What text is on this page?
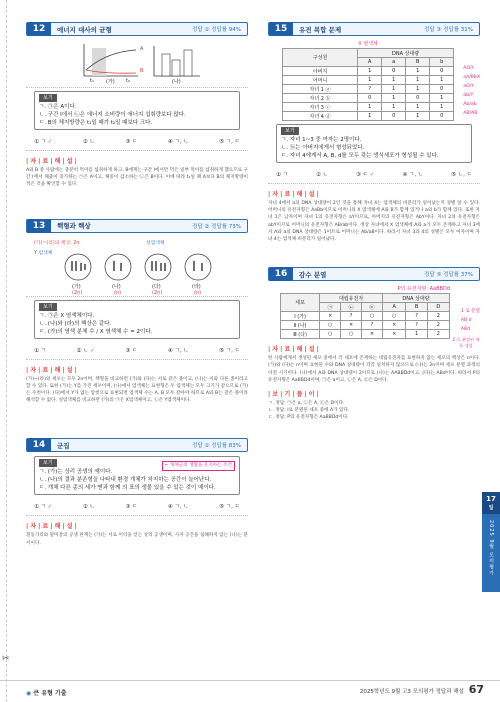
✂
12	에너지 대사의 균형	정답 ① 정답률 94%
(가)	(나)
A
B
t₁	t₂
보기
ㄱ. ㉠은 A이다.
ㄴ. 구간 Ⅰ에서 ㉡은 에너지 소비량이 에너지 섭취량보다 많다.
ㄷ. B의 체지방량은 t₁일 때가 t₂일 때보다 크다.
① ㄱ ✓	② ㄴ	③ ㄷ	④ ㄱ, ㄴ	⑤ ㄱ, ㄷ
| 자 | 료 | 해 | 설 |
A와 B 중 사람에는 충분히 먹이를 섭취하게 하고, B에게는 구간 Ⅰ에서만 먹은 일부 먹이를 섭취하게 했으므로 구간 Ⅰ에서 체중이 증가하는 ㉠은 A이고, 체중이 감소하는 ㉡은 B이다. 이에 따라 t₁일 때 A보다 B의 체지방량이 적은 것을 확인할 수 있다.
13	핵형과 핵상	정답 ② 정답률 73%
(가)~(라)의 핵상: 2n
Y 염색체
성염색체
(가)	(나)	(다)	(라)
(2n)	(n)	(2n)	(n)
보기
ㄱ. ㉠은 X 염색체이다.
ㄴ. (나)와 (라)의 핵상은 같다.
ㄷ. (가)의 염색 분체 수 / X 염색체 수 = 2이다.
① ㄱ	② ㄴ ✓	③ ㄷ	④ ㄱ, ㄴ	⑤ ㄱ, ㄷ
| 자 | 료 | 해 | 설 |
(가)~(라)의 세포는 모두 2n이며, 핵형을 비교하면 (가)와 (다)는 서로 같은 종이고, (나)는 이와 다른 종이라고 할 수 있다. 또한 (가)는 Y를 가진 세포이며, (나)에서 염색체는 표현형은 두 염색체는 모두 크기가 같으므로 (가)는 수컷이다. (다)에서 Y가 없는 암컷으로 표현되면 염색체 수는 A, B 모두 같아야 하므로 A와 B는 같은 종이라 해석할 수 없다. 성염색체를 비교하면 (가)의 ㉠은 X염색체이고, ㉡은 Y염색체이다.
14	군집	정답 ① 정답률 83%
보기
ㄱ. (가)는 상리 공생의 예이다.
ㄴ. (나)의 결과 분존형을 나타내 환경 개체가 차지하는 공간이 늘어난다.
ㄷ. 개체 다른 종의 세가 맨과 함께 의 표의 생물 있을 수 있는 것이 예이다.
← 개체군의 생활을 유지하는 조건
① ㄱ ✓	② ㄴ	③ ㄷ	④ ㄱ, ㄴ	⑤ ㄱ, ㄷ
| 자 | 료 | 해 | 설 |
흰동가리와 말미잘의 공생 관계는 (가)는 서로 이익을 얻는 상리 공생이며, 사자 공간을 침해하지 않는 (나)는 분서이다.
15	유전 복합 문제	정답 ③ 정답률 31%
X 염색체
구성원	DNA 상대량			
	A	a	B	b
아버지	1	0	1	0
어머니	1	1	1	1
자녀 1 ⓐ	?	1	1	0
자녀 2 ⓑ	0	1	0	1
자녀 3 ⓒ	1	1	1	1
자녀 4 ⓓ	1	0	1	0
AO/Y
aA/BbX
aO/Y
ab/Y
Ab/ab
AB/AB
보기
ㄱ. 자녀 1~3 중 여자는 2명이다.
ㄴ. ⓑ는 아버지에게서 형성되었다.
ㄷ. 자녀 4에게서 A, B, d를 모두 갖는 생식세포가 형성될 수 있다.
① ㄱ	② ㄴ	③ ㄷ ✓	④ ㄱ, ㄴ	⑤ ㄴ, ㄷ
| 자 | 료 | 해 | 설 |
자녀 4에서 a의 DNA 상대량이 2인 것을 통해 자녀 4는 염색체의 비분리가 일어났는지 성별 알 수 있다. 어머니의 유전자형은 AaBb이므로 어머니의 X 염색체에 A와 B가 함께 있거나 a와 b가 함께 있다. 또한 자녀 1은 남자이며 자녀 1의 유전자형은 aY이므로, 아버지의 유전자형은 AbY이다. 자녀 2의 유전자형은 abY이므로 어머니의 유전자형은 AB/ab이다. 정상 자녀에서 X 염색체에 A와 a가 모두 존재하고 자녀 3에서 A와 a의 DNA 상대량은 1이므로 어머니는 Ab/aB이다. 따라서 자녀 3과 4의 성별은 모두 여자이며 자녀 4는 염색체 비분리가 일어났다.
16	감수 분열	정답 ⑤ 정답률 37%
P의 유전자형: AaBBDd
세포	대립유전자			DNA 상대량		
	㉠	㉡	㉢	A	B	D
Ⅰ (가)	×	?	○	○	?	2
Ⅱ (나)	○	×	?	×	?	2
Ⅲ (다)	○	○	×	×	1	2
1 로 분열
AB d
ABd
2 로 분열된 세포 생성
| 자 | 료 | 해 | 설 |
한 사람에게서 생성된 세포 중에서 각 세포에 존재하는 대립유전자를 표현하지 않는 세포의 핵상은 n이다. (가)와 (다)는 n이며 표현된 수와 DNA 상대량이 각각 일치하지 않으므로 (나)는 2n이며 세포 분열 과정의 이전 시기이다. (나)에서 A와 DNA 상대량이 2이므로 (나)는 AABBDd이고, (다)는 ABd이다. 따라서 P의 유전자형은 AaBBDd이며, ㉠은 a이고, ㉡은 A, ㉢은 D이다.
| 보 | 기 | 풀 | 이 |
ㄱ. 정답: ㉠은 a, ㉡은 A, ㉢은 D이다.
ㄴ. 정답: Ⅰ로 분열된 세포 중에 A가 있다.
ㄷ. 정답: P의 유전자형은 AaBBDd이다.
17
일
2025 9월 모의평가
◉ 큰 유형 기출	2025학년도 9월 고3 모의평가 정답과 해설 67
